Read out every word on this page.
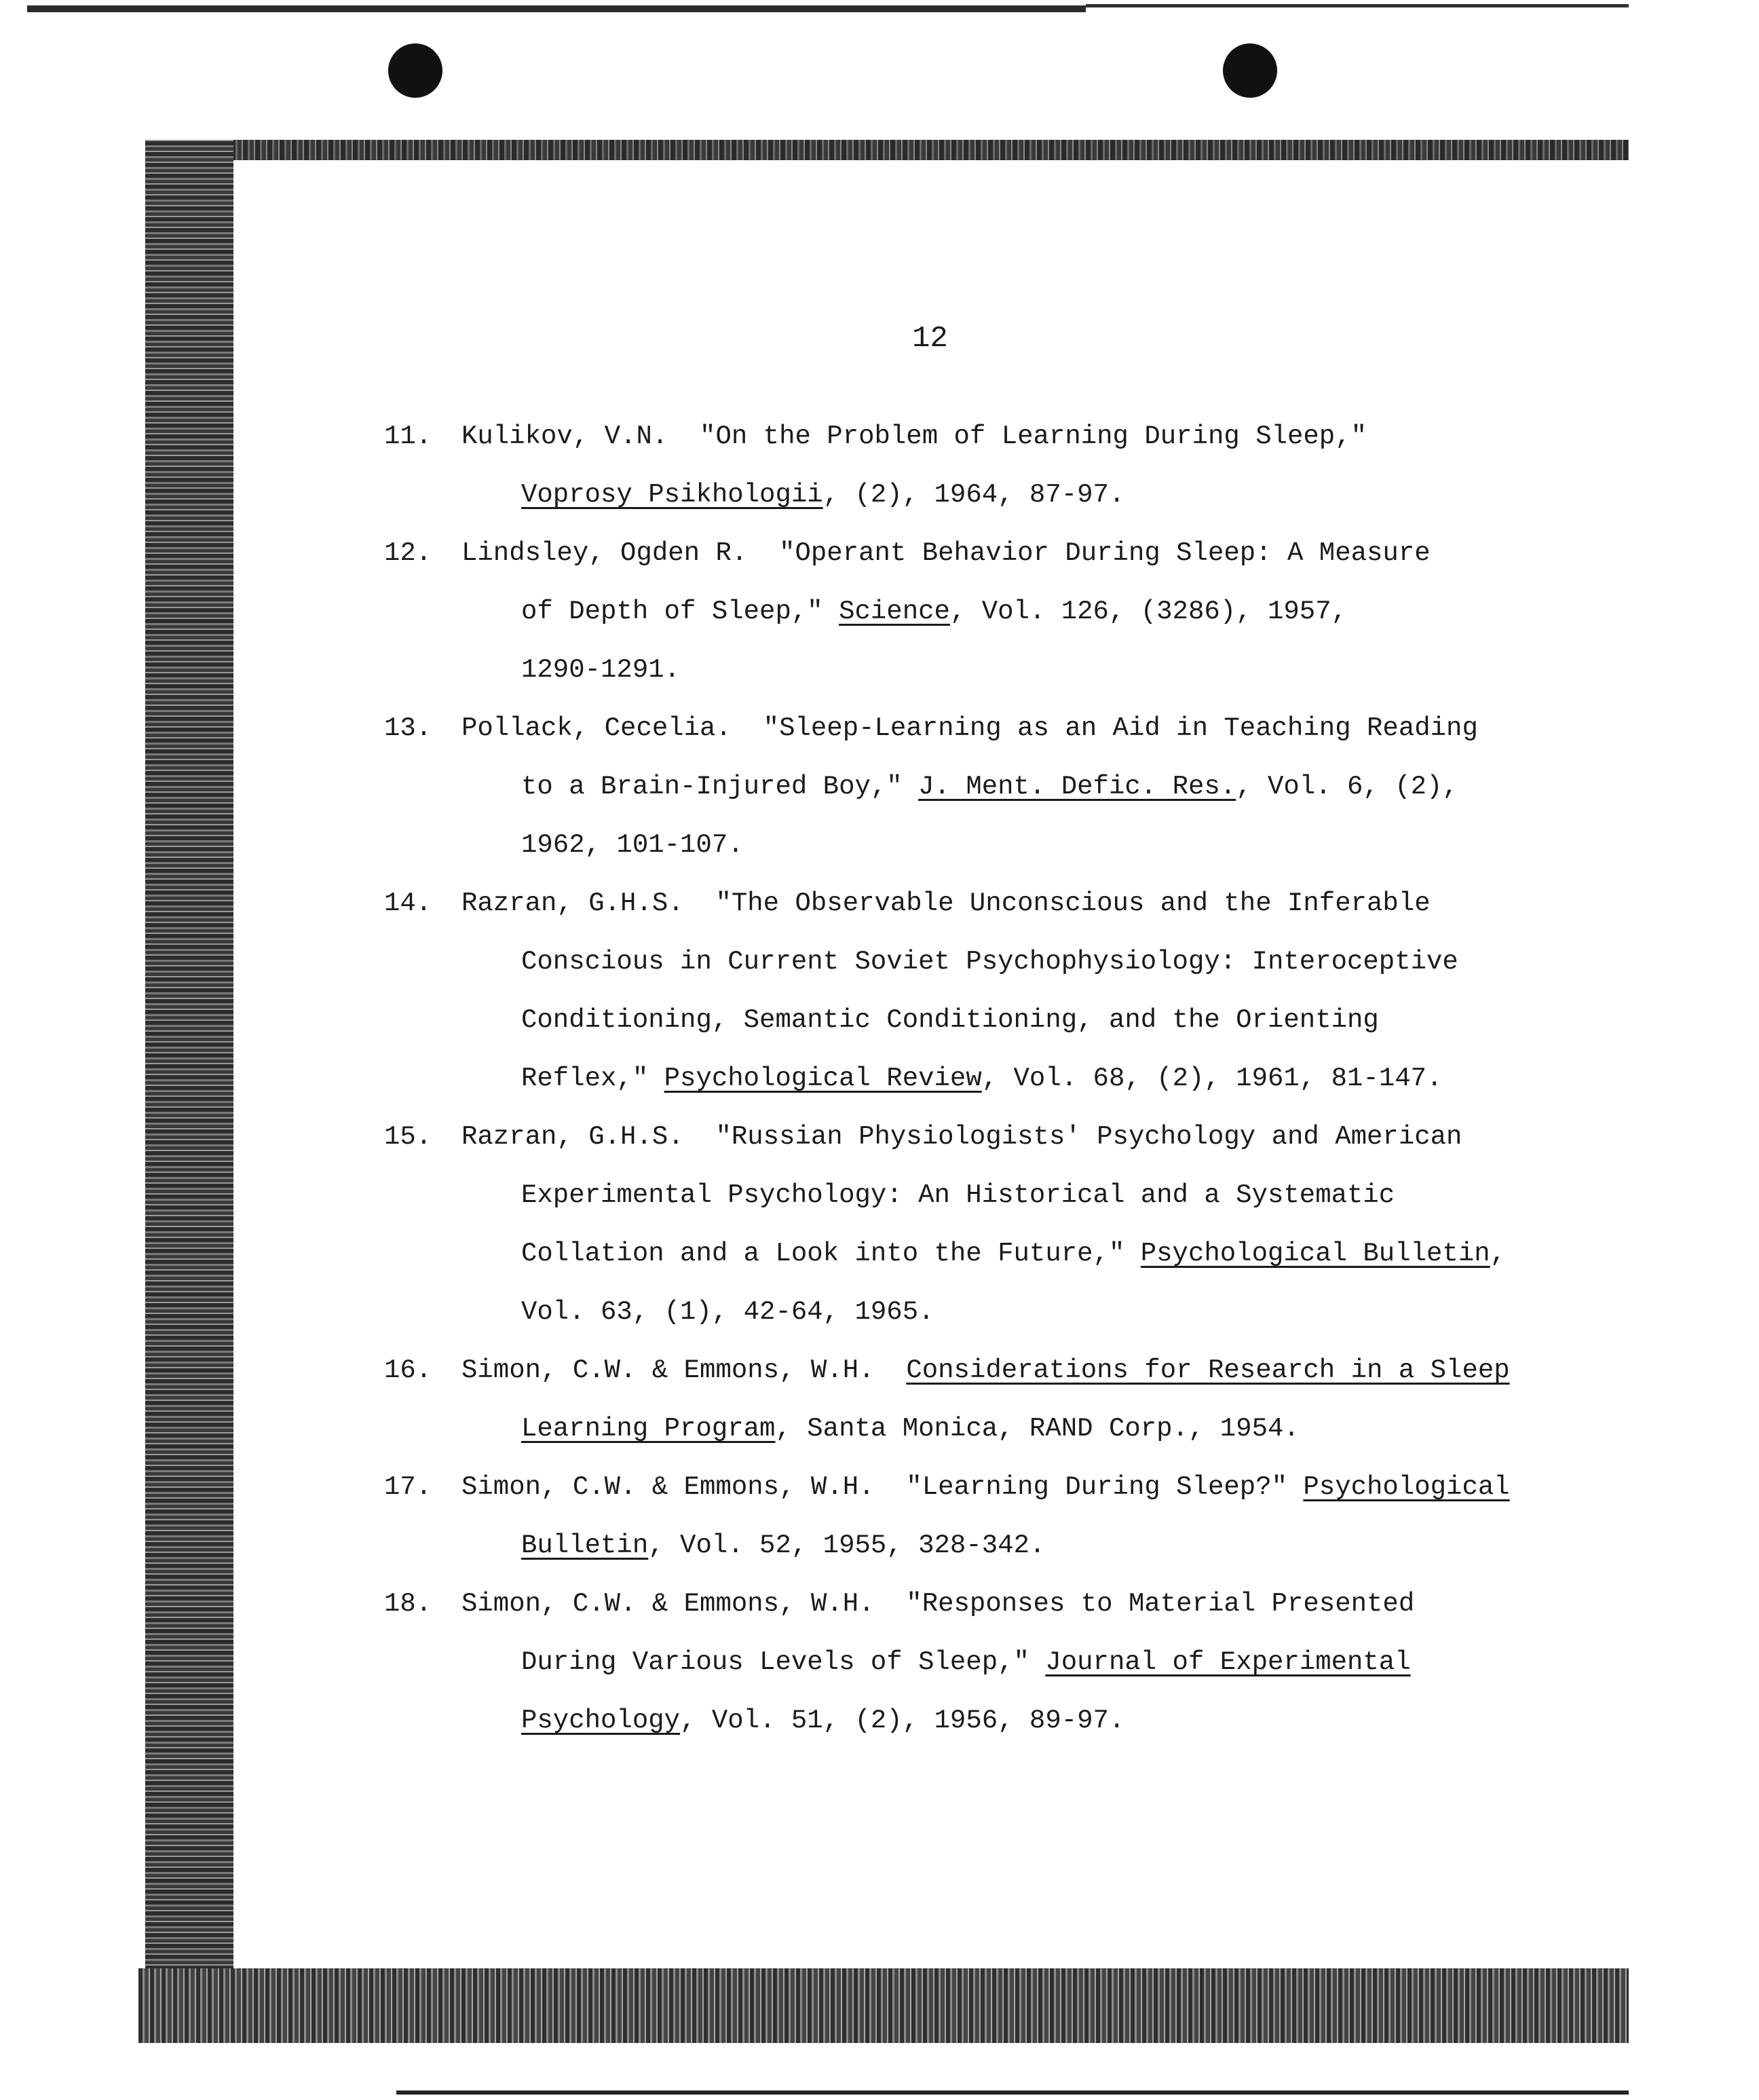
12
11.	Kulikov, V.N.  "On the Problem of Learning During Sleep,"
Voprosy Psikhologii, (2), 1964, 87-97.
12.	Lindsley, Ogden R.  "Operant Behavior During Sleep: A Measure
of Depth of Sleep," Science, Vol. 126, (3286), 1957,
1290-1291.
13.	Pollack, Cecelia.  "Sleep-Learning as an Aid in Teaching Reading
to a Brain-Injured Boy," J. Ment. Defic. Res., Vol. 6, (2),
1962, 101-107.
14.	Razran, G.H.S.  "The Observable Unconscious and the Inferable
Conscious in Current Soviet Psychophysiology: Interoceptive
Conditioning, Semantic Conditioning, and the Orienting
Reflex," Psychological Review, Vol. 68, (2), 1961, 81-147.
15.	Razran, G.H.S.  "Russian Physiologists' Psychology and American
Experimental Psychology: An Historical and a Systematic
Collation and a Look into the Future," Psychological Bulletin,
Vol. 63, (1), 42-64, 1965.
16.	Simon, C.W. & Emmons, W.H.  Considerations for Research in a Sleep
Learning Program, Santa Monica, RAND Corp., 1954.
17.	Simon, C.W. & Emmons, W.H.  "Learning During Sleep?" Psychological
Bulletin, Vol. 52, 1955, 328-342.
18.	Simon, C.W. & Emmons, W.H.  "Responses to Material Presented
During Various Levels of Sleep," Journal of Experimental
Psychology, Vol. 51, (2), 1956, 89-97.
